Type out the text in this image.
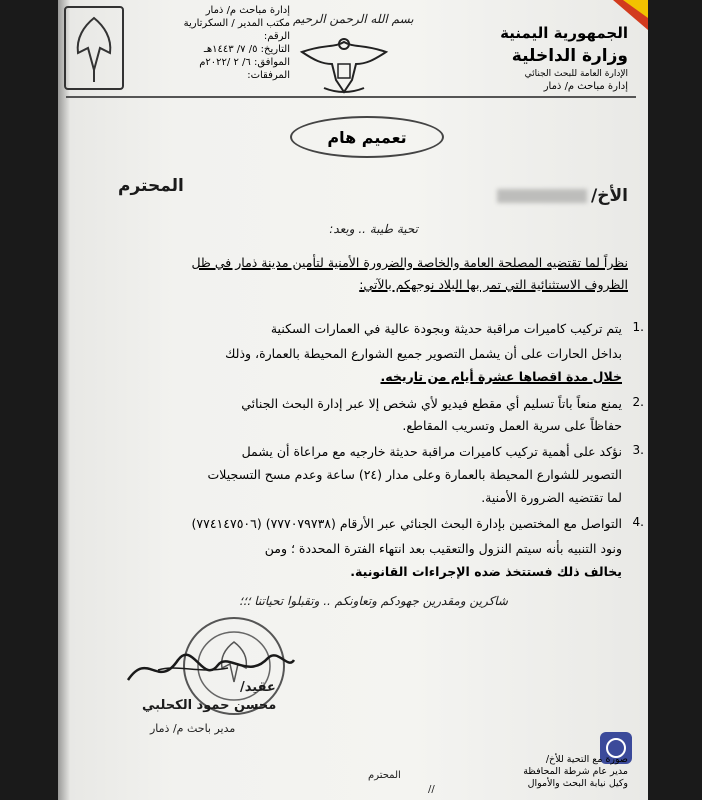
إدارة مباحث م/ ذمار
مكتب المدير / السكرتارية
الرقم:
التاريخ: ٥/ ٧/ ١٤٤٣هـ
الموافق: ٦/ ٢ /٢٠٢٢م
المرفقات:
بسم الله الرحمن الرحيم
الجمهورية اليمنية
وزارة الداخلية
الإدارة العامة للبحث الجنائي
إدارة مباحث م/ ذمار
تعميم هام
الأخ/
المحترم
تحية طيبة .. وبعد:
نظراً لما تقتضيه المصلحة العامة والخاصة والضرورة الأمنية لتأمين مدينة ذمار في ظل
الظروف الاستثنائية التي تمر بها البلاد نوجهكم بالآتي:
1.
يتم تركيب كاميرات مراقبة حديثة وبجودة عالية في العمارات السكنية
بداخل الحارات على أن يشمل التصوير جميع الشوارع المحيطة بالعمارة، وذلك
خلال مدة اقصاها عشرة أيام من تاريخه.
2.
يمنع منعاً باتاً تسليم أي مقطع فيديو لأي شخص إلا عبر إدارة البحث الجنائي
حفاظاً على سرية العمل وتسريب المقاطع.
3.
نؤكد على أهمية تركيب كاميرات مراقبة حديثة خارجيه مع مراعاة أن يشمل
التصوير للشوارع المحيطة بالعمارة وعلى مدار (٢٤) ساعة وعدم مسح التسجيلات
لما تقتضيه الضرورة الأمنية.
4.
التواصل مع المختصين بإدارة البحث الجنائي عبر الأرقام (٧٧٧٠٧٩٧٣٨) (٧٧٤١٤٧٥٠٦)
ونود التنبيه بأنه سيتم النزول والتعقيب بعد انتهاء الفترة المحددة ؛ ومن
يخالف ذلك فستتخذ ضده الإجراءات القانونية.
شاكرين ومقدرين جهودكم وتعاونكم .. وتقبلوا تحياتنا ؛؛؛
عقيد/
محسن حمود الكحلبي
مدير باحث م/ ذمار
صورة مع التحية للأخ/
مدير عام شرطة المحافظة
وكيل نيابة البحث والأموال
المحترم
//
